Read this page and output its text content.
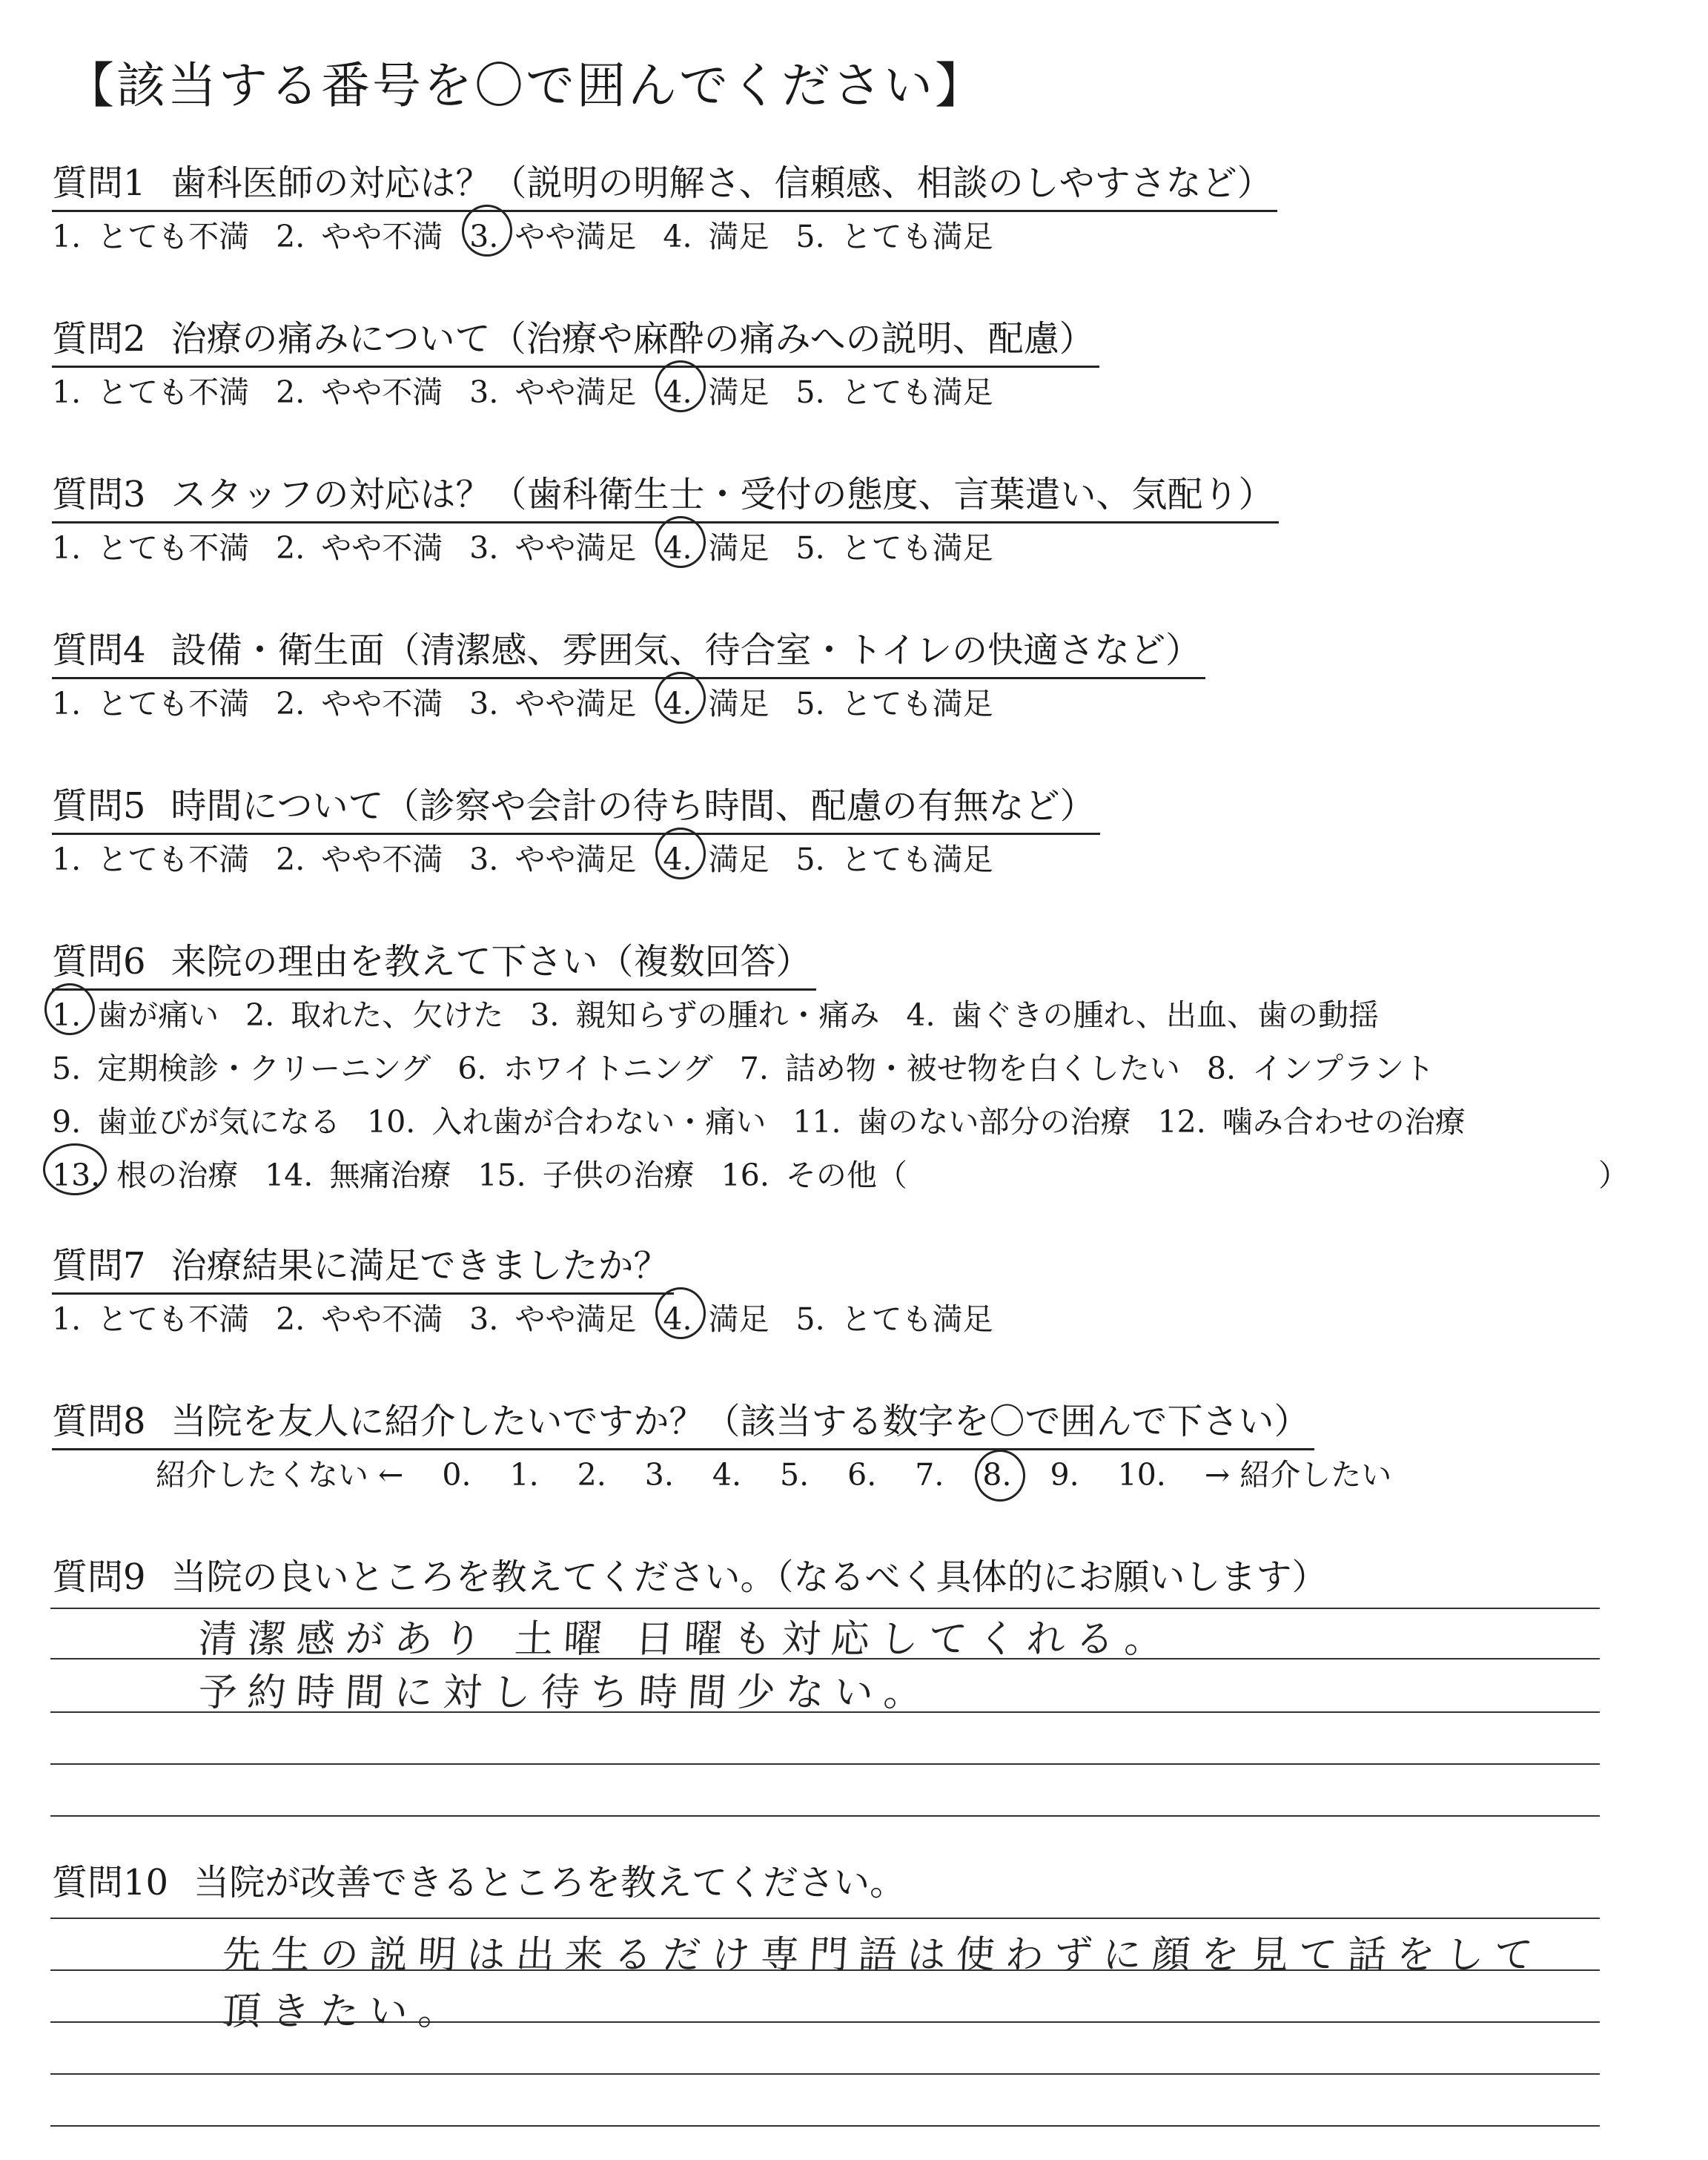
【該当する番号を〇で囲んでください】
質問1 歯科医師の対応は？（説明の明解さ、信頼感、相談のしやすさなど）
1. とても不満 2. やや不満 3. やや満足 4. 満足 5. とても満足
質問2 治療の痛みについて（治療や麻酔の痛みへの説明、配慮）
1. とても不満 2. やや不満 3. やや満足 4. 満足 5. とても満足
質問3 スタッフの対応は？（歯科衛生士・受付の態度、言葉遣い、気配り）
1. とても不満 2. やや不満 3. やや満足 4. 満足 5. とても満足
質問4 設備・衛生面（清潔感、雰囲気、待合室・トイレの快適さなど）
1. とても不満 2. やや不満 3. やや満足 4. 満足 5. とても満足
質問5 時間について（診察や会計の待ち時間、配慮の有無など）
1. とても不満 2. やや不満 3. やや満足 4. 満足 5. とても満足
質問6 来院の理由を教えて下さい（複数回答）
1. 歯が痛い 2. 取れた、欠けた 3. 親知らずの腫れ・痛み 4. 歯ぐきの腫れ、出血、歯の動揺
5. 定期検診・クリーニング 6. ホワイトニング 7. 詰め物・被せ物を白くしたい 8. インプラント
9. 歯並びが気になる 10. 入れ歯が合わない・痛い 11. 歯のない部分の治療 12. 噛み合わせの治療
13. 根の治療 14. 無痛治療 15. 子供の治療 16. その他（	）
質問7 治療結果に満足できましたか？
1. とても不満 2. やや不満 3. やや満足 4. 満足 5. とても満足
質問8 当院を友人に紹介したいですか？（該当する数字を〇で囲んで下さい）
紹介したくない ← 0. 1. 2. 3. 4. 5. 6. 7. 8. 9. 10. → 紹介したい
質問9 当院の良いところを教えてください。（なるべく具体的にお願いします）
清潔感があり 土曜 日曜も対応してくれる。
予約時間に対し待ち時間少ない。
質問10 当院が改善できるところを教えてください。
先生の説明は出来るだけ専門語は使わずに顔を見て話をして
頂きたい。
